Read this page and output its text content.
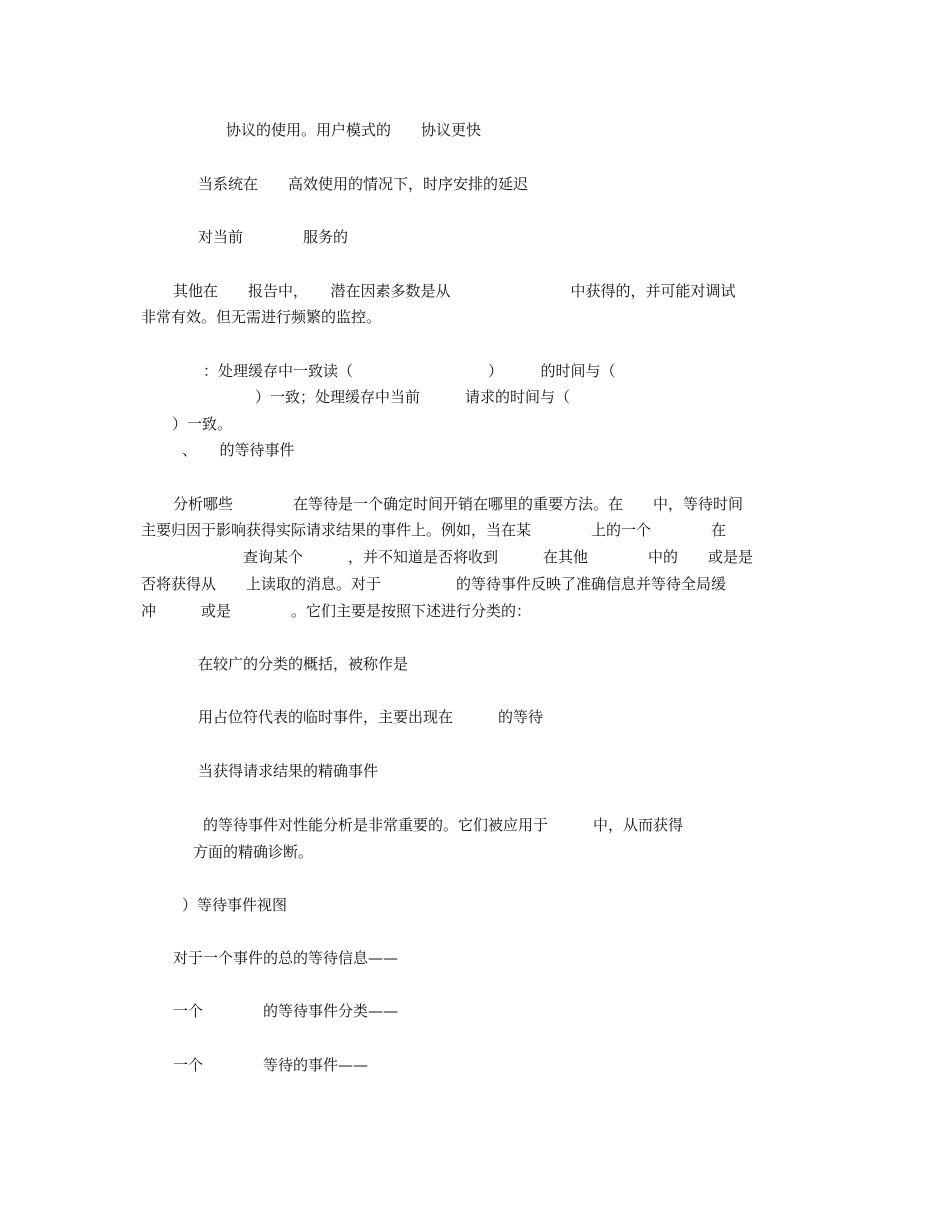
协议的使用。用户模式的　　协议更快
当系统在　　高效使用的情况下，时序安排的延迟
对当前　　　　服务的
其他在　　报告中，　　潜在因素多数是从　　　　　　　　中获得的，并可能对调试
非常有效。但无需进行频繁的监控。
：处理缓存中一致读（　　　　　　　　　）　　　的时间与（
）一致；处理缓存中当前　　　请求的时间与（
）一致。
、　　的等待事件
分析哪些　　　　在等待是一个确定时间开销在哪里的重要方法。在　　中，等待时间
主要归因于影响获得实际请求结果的事件上。例如，当在某　　　　上的一个　　　　在
查询某个　　　，并不知道是否将收到　　　在其他　　　　中的　　或是是
否将获得从　　上读取的消息。对于　　　　　的等待事件反映了准确信息并等待全局缓
冲　　　或是　　　　。它们主要是按照下述进行分类的：
在较广的分类的概括，被称作是
用占位符代表的临时事件，主要出现在　　　的等待
当获得请求结果的精确事件
的等待事件对性能分析是非常重要的。它们被应用于　　　中，从而获得
方面的精确诊断。
）等待事件视图
对于一个事件的总的等待信息——
一个　　　　的等待事件分类——
一个　　　　等待的事件——
